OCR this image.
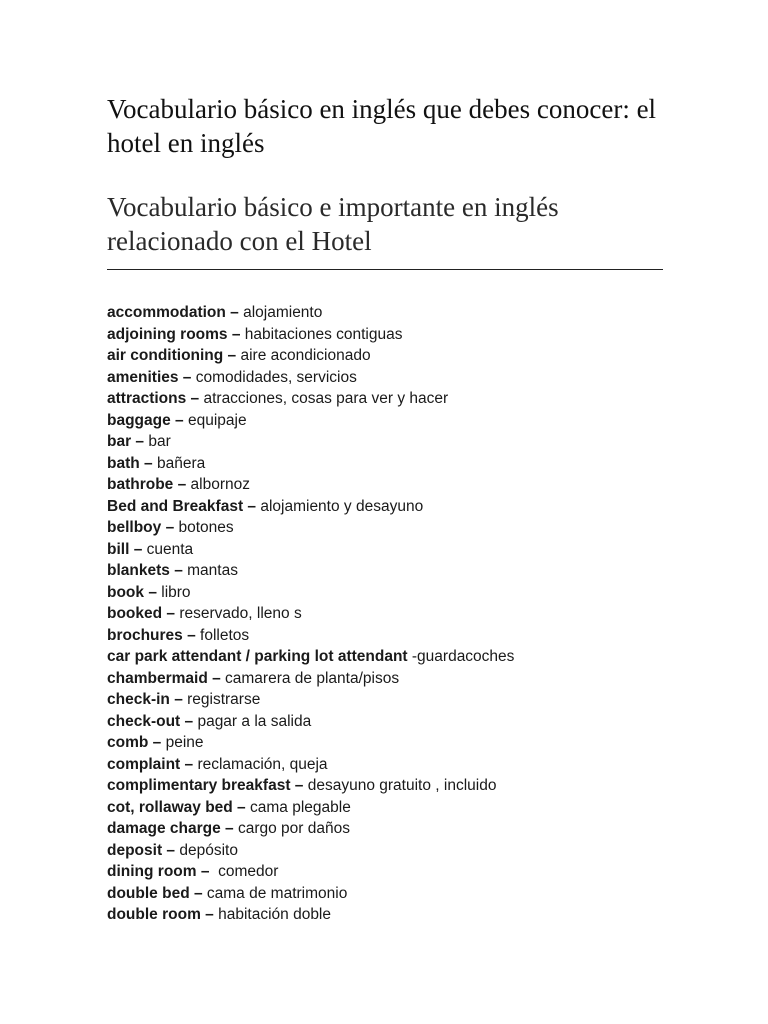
Vocabulario básico en inglés que debes conocer: el hotel en inglés
Vocabulario básico e importante en inglés relacionado con el Hotel
accommodation – alojamiento
adjoining rooms – habitaciones contiguas
air conditioning – aire acondicionado
amenities – comodidades, servicios
attractions – atracciones, cosas para ver y hacer
baggage – equipaje
bar – bar
bath – bañera
bathrobe – albornoz
Bed and Breakfast – alojamiento y desayuno
bellboy – botones
bill – cuenta
blankets – mantas
book – libro
booked – reservado, lleno s
brochures – folletos
car park attendant / parking lot attendant -guardacoches
chambermaid – camarera de planta/pisos
check-in – registrarse
check-out – pagar a la salida
comb – peine
complaint – reclamación, queja
complimentary breakfast – desayuno gratuito , incluido
cot, rollaway bed – cama plegable
damage charge – cargo por daños
deposit – depósito
dining room –  comedor
double bed – cama de matrimonio
double room – habitación doble
